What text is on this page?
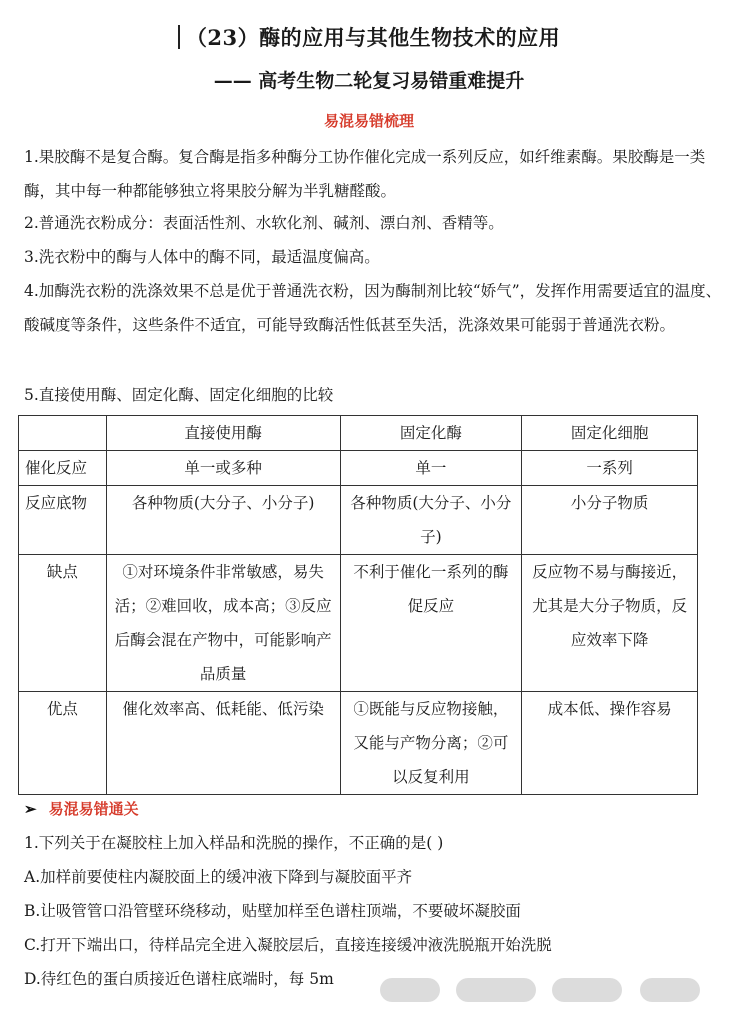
（23）酶的应用与其他生物技术的应用
—— 高考生物二轮复习易错重难提升
易混易错梳理
1.果胶酶不是复合酶。复合酶是指多种酶分工协作催化完成一系列反应，如纤维素酶。果胶酶是一类酶，其中每一种都能够独立将果胶分解为半乳糖醛酸。
2.普通洗衣粉成分：表面活性剂、水软化剂、碱剂、漂白剂、香精等。
3.洗衣粉中的酶与人体中的酶不同，最适温度偏高。
4.加酶洗衣粉的洗涤效果不总是优于普通洗衣粉，因为酶制剂比较“娇气”，发挥作用需要适宜的温度、酸碱度等条件，这些条件不适宜，可能导致酶活性低甚至失活，洗涤效果可能弱于普通洗衣粉。
5.直接使用酶、固定化酶、固定化细胞的比较
	直接使用酶	固定化酶	固定化细胞
催化反应	单一或多种	单一	一系列
反应底物	各种物质(大分子、小分子)	各种物质(大分子、小分子)	小分子物质
缺点	①对环境条件非常敏感，易失活；②难回收，成本高；③反应后酶会混在产物中，可能影响产品质量	不利于催化一系列的酶促反应	反应物不易与酶接近，尤其是大分子物质，反应效率下降
优点	催化效率高、低耗能、低污染	①既能与反应物接触，又能与产物分离；②可以反复利用	成本低、操作容易
➢ 易混易错通关
1.下列关于在凝胶柱上加入样品和洗脱的操作，不正确的是( )
A.加样前要使柱内凝胶面上的缓冲液下降到与凝胶面平齐
B.让吸管管口沿管壁环绕移动，贴壁加样至色谱柱顶端，不要破坏凝胶面
C.打开下端出口，待样品完全进入凝胶层后，直接连接缓冲液洗脱瓶开始洗脱
D.待红色的蛋白质接近色谱柱底端时，每 5m
